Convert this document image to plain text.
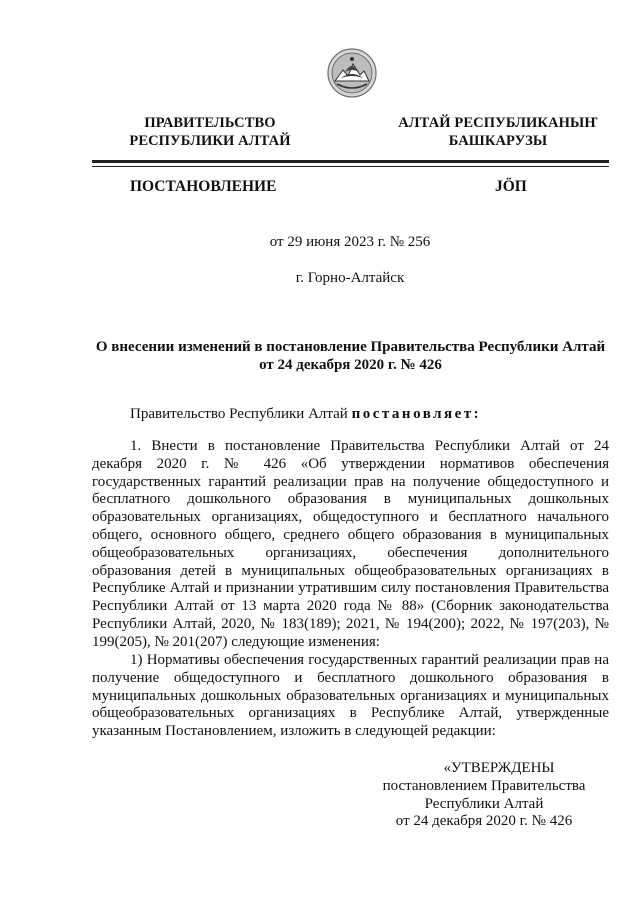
ПРАВИТЕЛЬСТВО
РЕСПУБЛИКИ АЛТАЙ
АЛТАЙ РЕСПУБЛИКАНЫҤ
БАШКАРУЗЫ
ПОСТАНОВЛЕНИЕ	JÖП
от 29 июня 2023 г. № 256
г. Горно-Алтайск
О внесении изменений в постановление Правительства Республики Алтай
от 24 декабря 2020 г. № 426
Правительство Республики Алтай постановляет:
1. Внести в постановление Правительства Республики Алтай от 24 декабря 2020 г. № 426 «Об утверждении нормативов обеспечения государственных гарантий реализации прав на получение общедоступного и бесплатного дошкольного образования в муниципальных дошкольных образовательных организациях, общедоступного и бесплатного начального общего, основного общего, среднего общего образования в муниципальных общеобразовательных организациях, обеспечения дополнительного образования детей в муниципальных общеобразовательных организациях в Республике Алтай и признании утратившим силу постановления Правительства Республики Алтай от 13 марта 2020 года № 88» (Сборник законодательства Республики Алтай, 2020, № 183(189); 2021, № 194(200); 2022, № 197(203), № 199(205), № 201(207) следующие изменения:
1) Нормативы обеспечения государственных гарантий реализации прав на получение общедоступного и бесплатного дошкольного образования в муниципальных дошкольных образовательных организациях и муниципальных общеобразовательных организациях в Республике Алтай, утвержденные указанным Постановлением, изложить в следующей редакции:
«УТВЕРЖДЕНЫ
постановлением Правительства
Республики Алтай
от 24 декабря 2020 г. № 426
